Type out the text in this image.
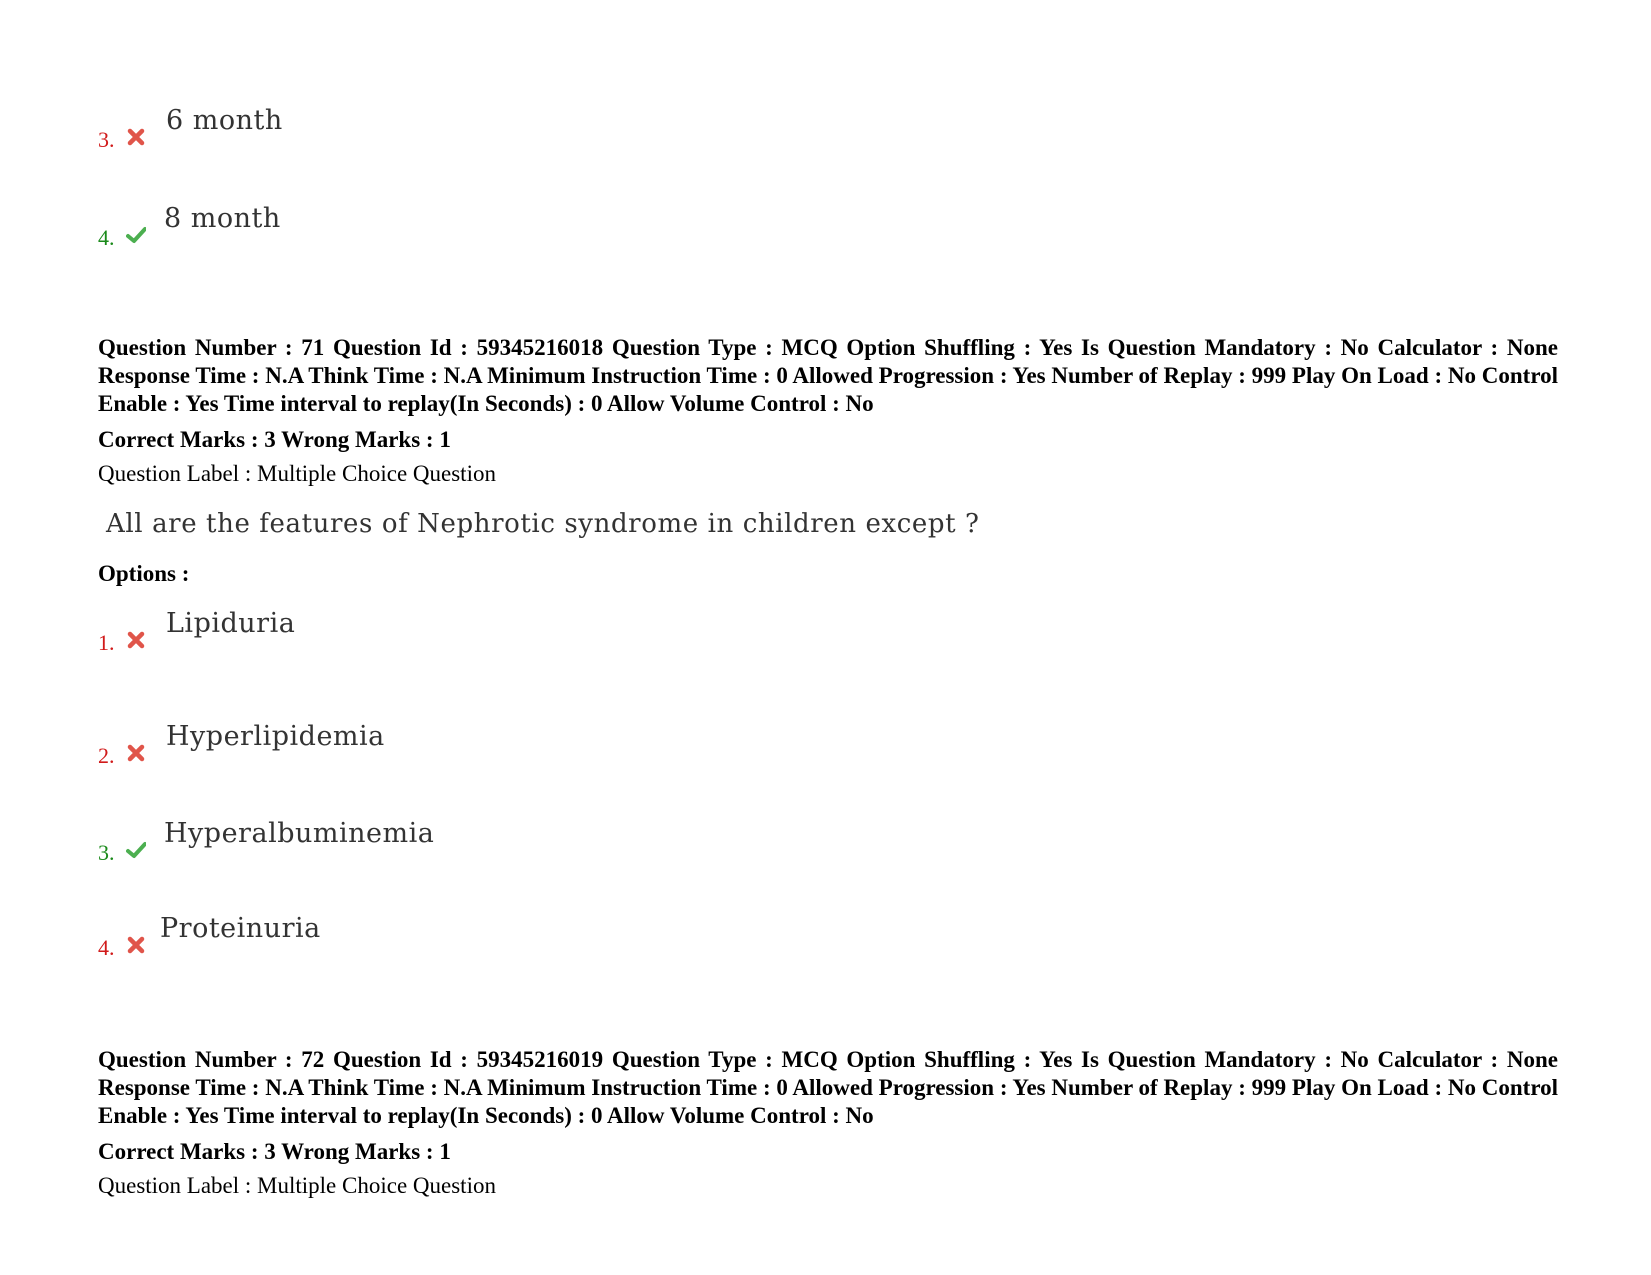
3.
6 month
4.
8 month
Question Number : 71 Question Id : 59345216018 Question Type : MCQ Option Shuffling : Yes Is Question Mandatory : No Calculator : None Response Time : N.A Think Time : N.A Minimum Instruction Time : 0 Allowed Progression : Yes Number of Replay : 999 Play On Load : No Control Enable : Yes Time interval to replay(In Seconds) : 0 Allow Volume Control : No
Correct Marks : 3 Wrong Marks : 1
Question Label : Multiple Choice Question
All are the features of Nephrotic syndrome in children except ?
Options :
1.
Lipiduria
2.
Hyperlipidemia
3.
Hyperalbuminemia
4.
Proteinuria
Question Number : 72 Question Id : 59345216019 Question Type : MCQ Option Shuffling : Yes Is Question Mandatory : No Calculator : None Response Time : N.A Think Time : N.A Minimum Instruction Time : 0 Allowed Progression : Yes Number of Replay : 999 Play On Load : No Control Enable : Yes Time interval to replay(In Seconds) : 0 Allow Volume Control : No
Correct Marks : 3 Wrong Marks : 1
Question Label : Multiple Choice Question
